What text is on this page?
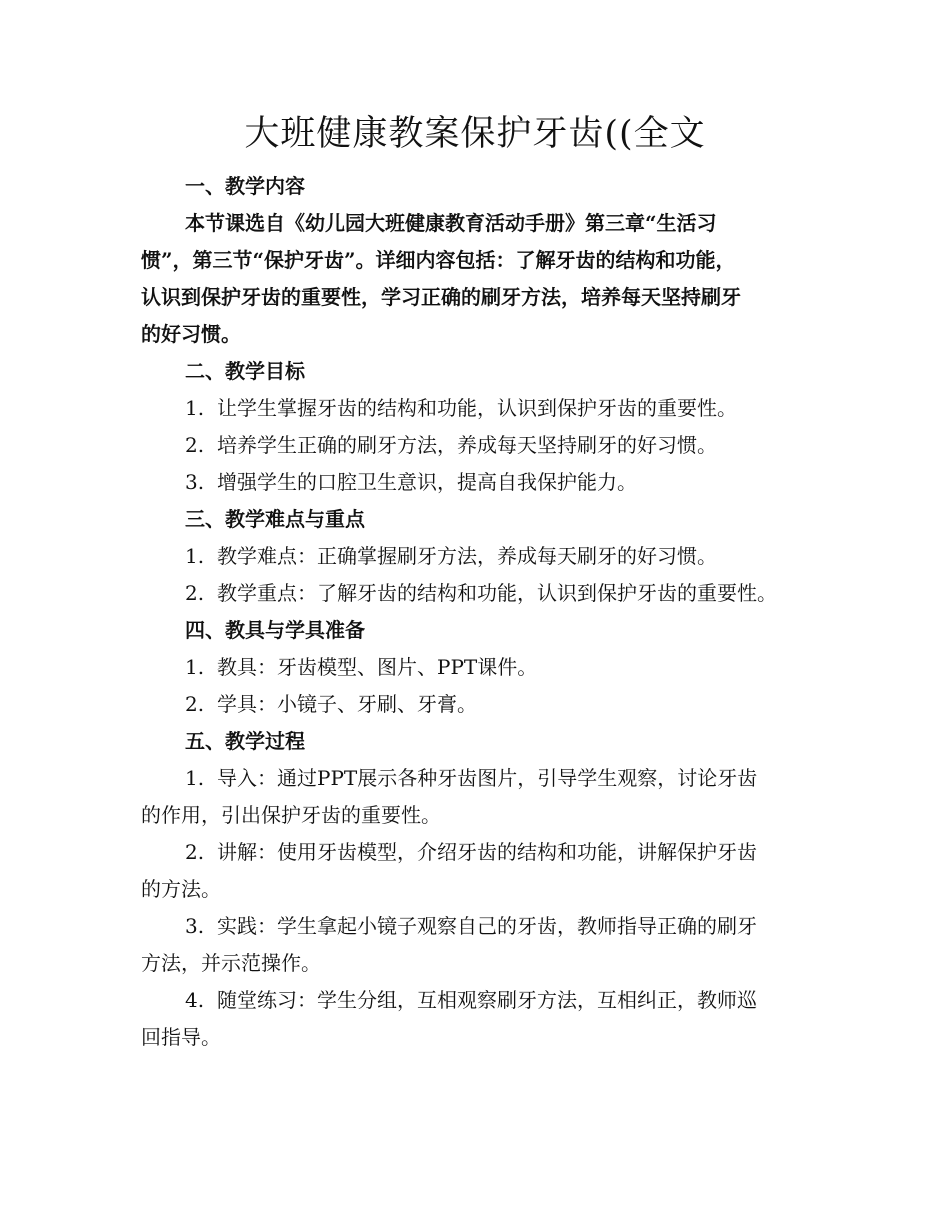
大班健康教案保护牙齿((全文

一、教学内容

本节课选自《幼儿园大班健康教育活动手册》第三章“生活习

惯”，第三节“保护牙齿”。详细内容包括：了解牙齿的结构和功能，

认识到保护牙齿的重要性，学习正确的刷牙方法，培养每天坚持刷牙

的好习惯。

二、教学目标

1. 让学生掌握牙齿的结构和功能，认识到保护牙齿的重要性。

2. 培养学生正确的刷牙方法，养成每天坚持刷牙的好习惯。

3. 增强学生的口腔卫生意识，提高自我保护能力。

三、教学难点与重点

1. 教学难点：正确掌握刷牙方法，养成每天刷牙的好习惯。

2. 教学重点：了解牙齿的结构和功能，认识到保护牙齿的重要性。

四、教具与学具准备

1. 教具：牙齿模型、图片、PPT课件。

2. 学具：小镜子、牙刷、牙膏。

五、教学过程

1. 导入：通过PPT展示各种牙齿图片，引导学生观察，讨论牙齿

的作用，引出保护牙齿的重要性。

2. 讲解：使用牙齿模型，介绍牙齿的结构和功能，讲解保护牙齿

的方法。

3. 实践：学生拿起小镜子观察自己的牙齿，教师指导正确的刷牙

方法，并示范操作。

4. 随堂练习：学生分组，互相观察刷牙方法，互相纠正，教师巡

回指导。
